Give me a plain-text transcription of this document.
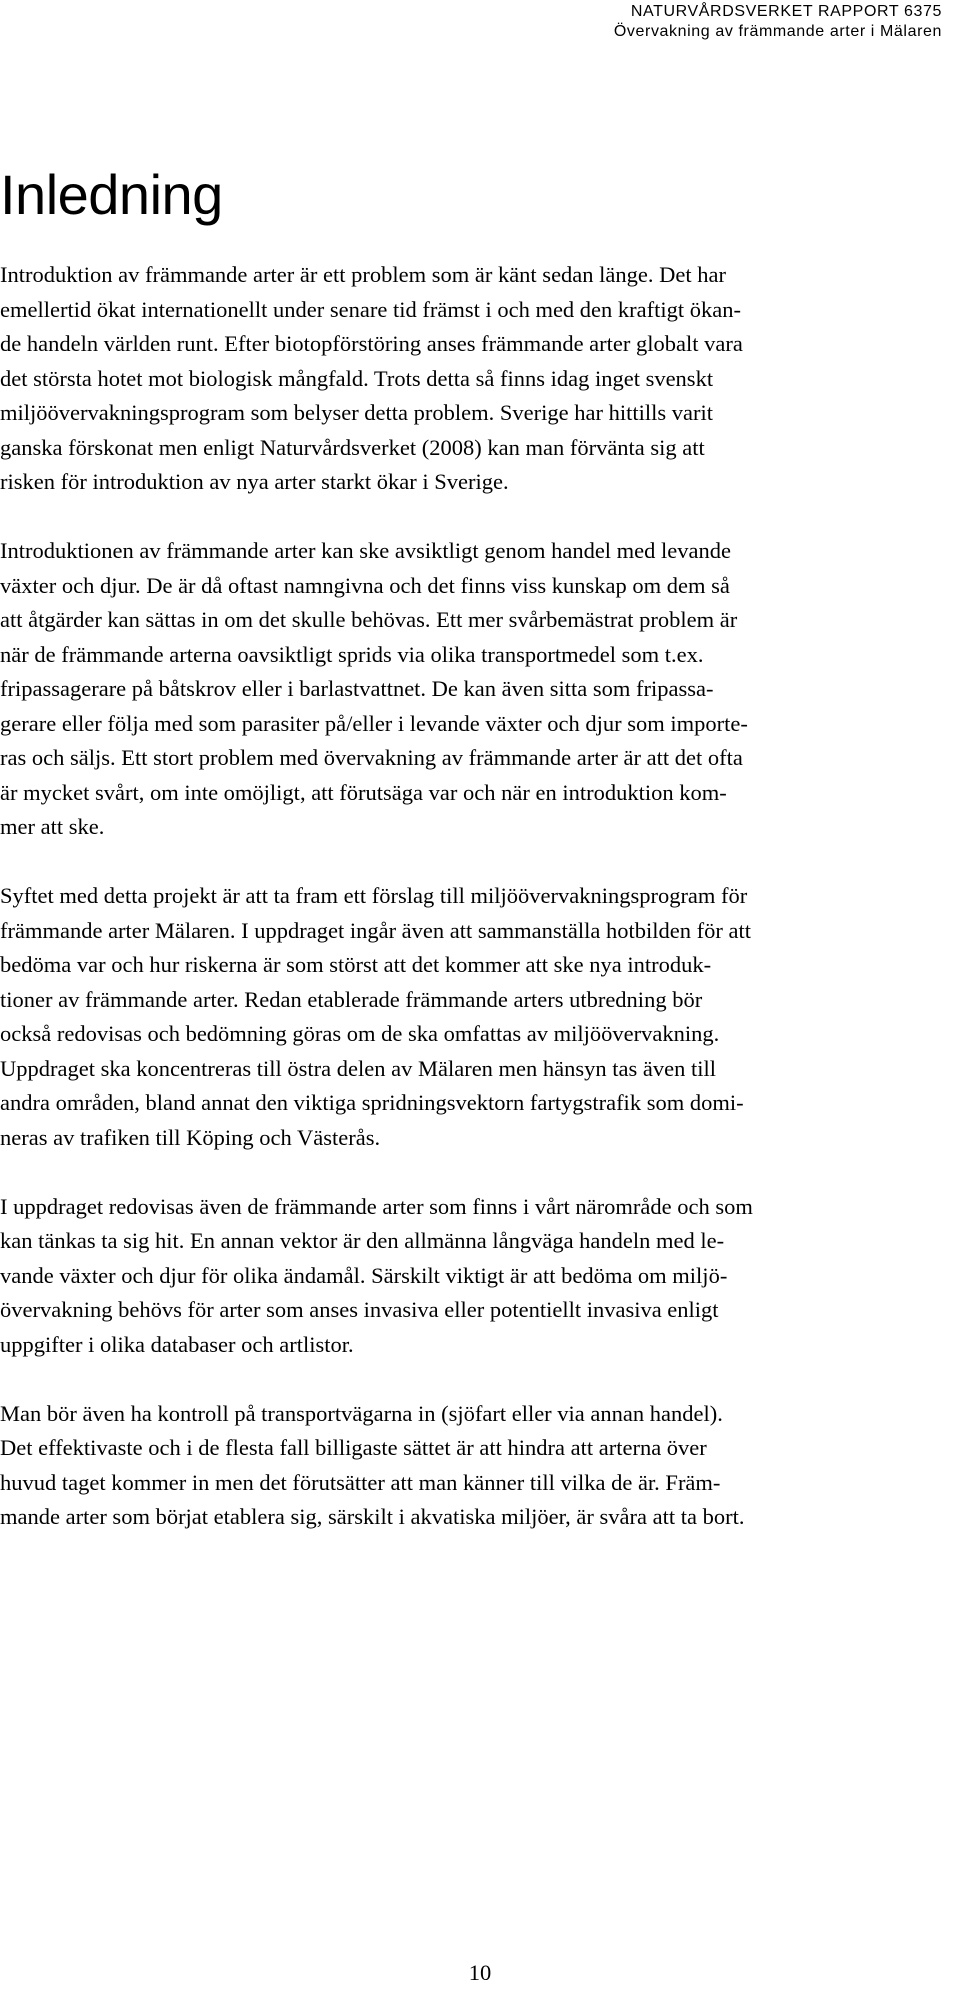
NATURVÅRDSVERKET RAPPORT 6375
Övervakning av främmande arter i Mälaren
Inledning

Introduktion av främmande arter är ett problem som är känt sedan länge. Det har
emellertid ökat internationellt under senare tid främst i och med den kraftigt ökan-
de handeln världen runt. Efter biotopförstöring anses främmande arter globalt vara
det största hotet mot biologisk mångfald. Trots detta så finns idag inget svenskt
miljöövervakningsprogram som belyser detta problem. Sverige har hittills varit
ganska förskonat men enligt Naturvårdsverket (2008) kan man förvänta sig att
risken för introduktion av nya arter starkt ökar i Sverige.

Introduktionen av främmande arter kan ske avsiktligt genom handel med levande
växter och djur. De är då oftast namngivna och det finns viss kunskap om dem så
att åtgärder kan sättas in om det skulle behövas. Ett mer svårbemästrat problem är
när de främmande arterna oavsiktligt sprids via olika transportmedel som t.ex.
fripassagerare på båtskrov eller i barlastvattnet. De kan även sitta som fripassa-
gerare eller följa med som parasiter på/eller i levande växter och djur som importe-
ras och säljs. Ett stort problem med övervakning av främmande arter är att det ofta
är mycket svårt, om inte omöjligt, att förutsäga var och när en introduktion kom-
mer att ske.

Syftet med detta projekt är att ta fram ett förslag till miljöövervakningsprogram för
främmande arter Mälaren. I uppdraget ingår även att sammanställa hotbilden för att
bedöma var och hur riskerna är som störst att det kommer att ske nya introduk-
tioner av främmande arter. Redan etablerade främmande arters utbredning bör
också redovisas och bedömning göras om de ska omfattas av miljöövervakning.
Uppdraget ska koncentreras till östra delen av Mälaren men hänsyn tas även till
andra områden, bland annat den viktiga spridningsvektorn fartygstrafik som domi-
neras av trafiken till Köping och Västerås.

I uppdraget redovisas även de främmande arter som finns i vårt närområde och som
kan tänkas ta sig hit. En annan vektor är den allmänna långväga handeln med le-
vande växter och djur för olika ändamål. Särskilt viktigt är att bedöma om miljö-
övervakning behövs för arter som anses invasiva eller potentiellt invasiva enligt
uppgifter i olika databaser och artlistor.

Man bör även ha kontroll på transportvägarna in (sjöfart eller via annan handel).
Det effektivaste och i de flesta fall billigaste sättet är att hindra att arterna över
huvud taget kommer in men det förutsätter att man känner till vilka de är. Främ-
mande arter som börjat etablera sig, särskilt i akvatiska miljöer, är svåra att ta bort.

10
